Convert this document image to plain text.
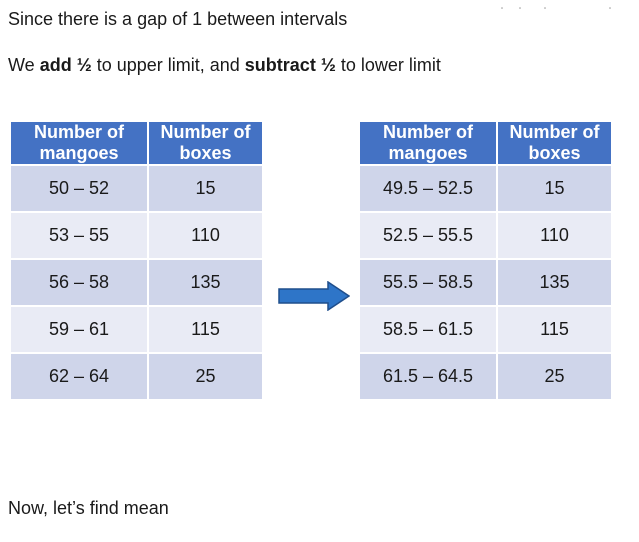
Since there is a gap of 1 between intervals
We add ½ to upper limit, and subtract ½ to lower limit
Number of
mangoes	Number of
boxes
50 – 52	15
53 – 55	110
56 – 58	135
59 – 61	115
62 – 64	25
Number of
mangoes	Number of
boxes
49.5 – 52.5	15
52.5 – 55.5	110
55.5 – 58.5	135
58.5 – 61.5	115
61.5 – 64.5	25
Now, let’s find mean
